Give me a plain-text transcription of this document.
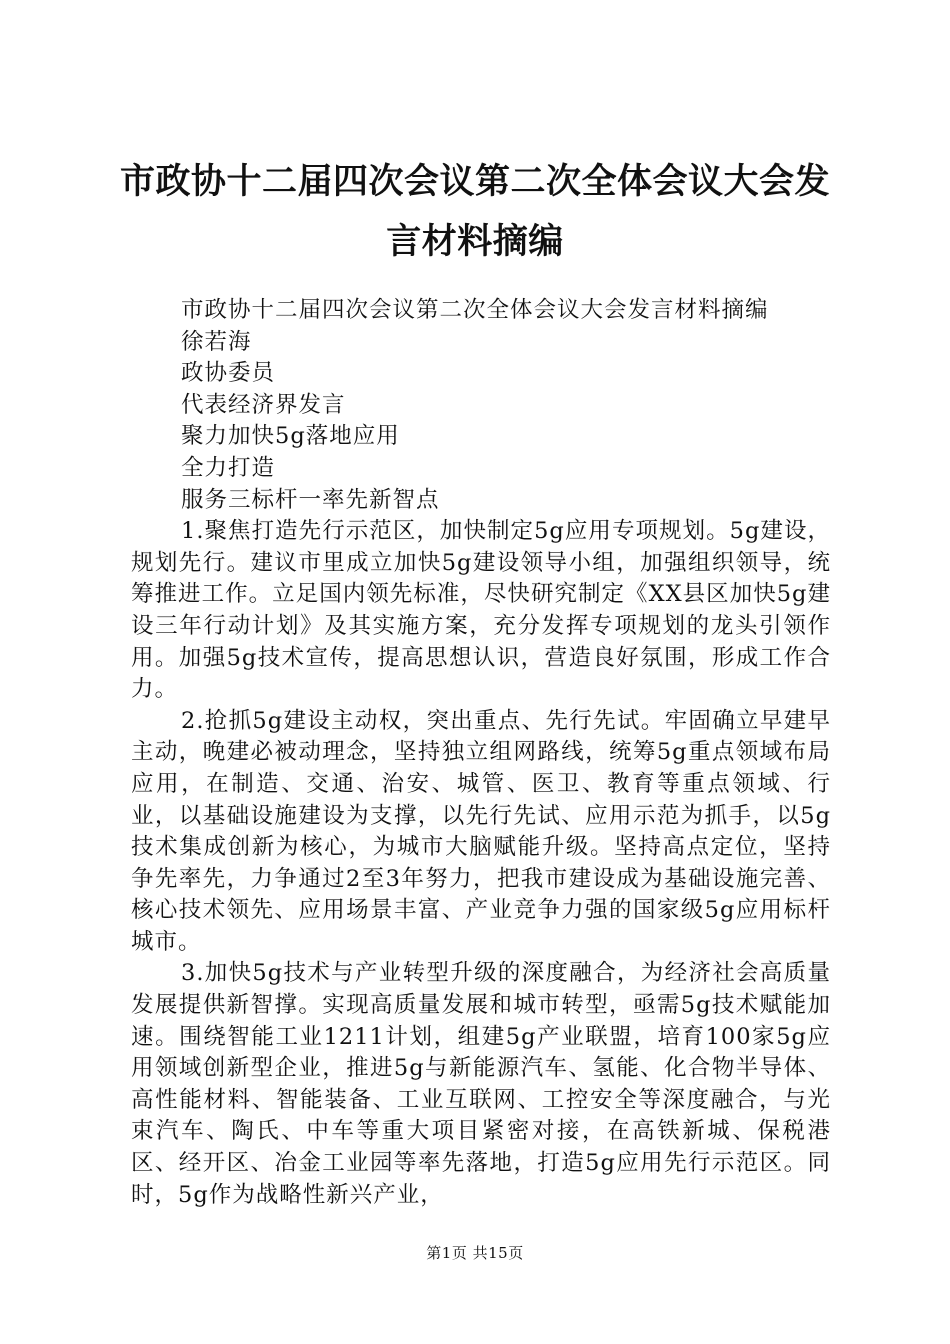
市政协十二届四次会议第二次全体会议大会发言材料摘编

市政协十二届四次会议第二次全体会议大会发言材料摘编

徐若海

政协委员

代表经济界发言

聚力加快5g落地应用

全力打造

服务三标杆一率先新智点

1.聚焦打造先行示范区，加快制定5g应用专项规划。5g建设，规划先行。建议市里成立加快5g建设领导小组，加强组织领导，统筹推进工作。立足国内领先标准，尽快研究制定《XX县区加快5g建设三年行动计划》及其实施方案，充分发挥专项规划的龙头引领作用。加强5g技术宣传，提高思想认识，营造良好氛围，形成工作合力。

2.抢抓5g建设主动权，突出重点、先行先试。牢固确立早建早主动，晚建必被动理念，坚持独立组网路线，统筹5g重点领域布局应用，在制造、交通、治安、城管、医卫、教育等重点领域、行业，以基础设施建设为支撑，以先行先试、应用示范为抓手，以5g技术集成创新为核心，为城市大脑赋能升级。坚持高点定位，坚持争先率先，力争通过2至3年努力，把我市建设成为基础设施完善、核心技术领先、应用场景丰富、产业竞争力强的国家级5g应用标杆城市。

3.加快5g技术与产业转型升级的深度融合，为经济社会高质量发展提供新智撑。实现高质量发展和城市转型，亟需5g技术赋能加速。围绕智能工业1211计划，组建5g产业联盟，培育100家5g应用领域创新型企业，推进5g与新能源汽车、氢能、化合物半导体、高性能材料、智能装备、工业互联网、工控安全等深度融合，与光束汽车、陶氏、中车等重大项目紧密对接，在高铁新城、保税港区、经开区、冶金工业园等率先落地，打造5g应用先行示范区。同时，5g作为战略性新兴产业，

第1页 共15页
